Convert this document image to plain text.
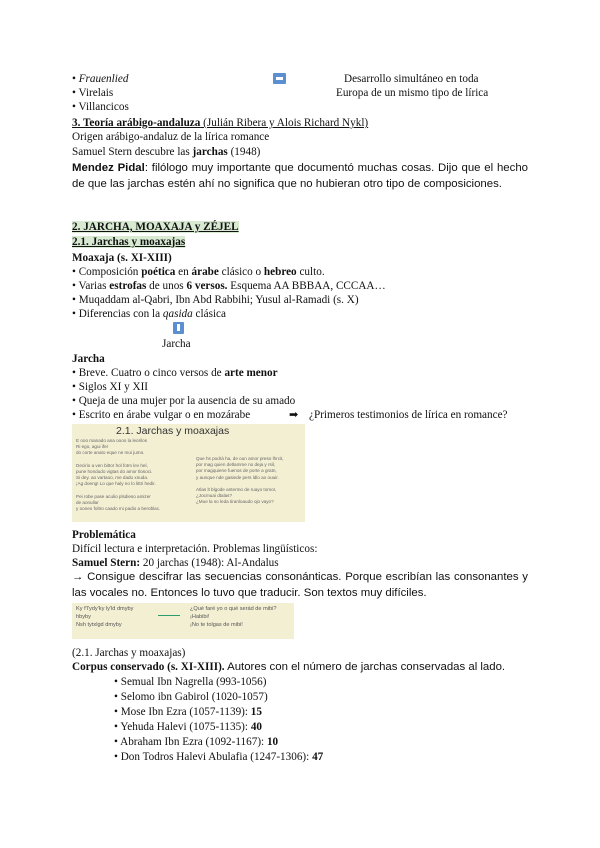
• Frauenlied
• Virelais
• Villancicos
Desarrollo simultáneo en toda
Europa de un mismo tipo de lírica
3. Teoría arábigo-andaluza (Julián Ribera y Alois Richard Nykl)
Origen arábigo-andaluz de la lírica romance
Samuel Stern descubre las jarchas (1948)
Mendez Pidal: filólogo muy importante que documentó muchas cosas. Dijo que el hecho de que las jarchas estén ahí no significa que no hubieran otro tipo de composiciones.
2. JARCHA, MOAXAJA y ZÉJEL
2.1. Jarchas y moaxajas
Moaxaja (s. XI-XIII)
• Composición poética en árabe clásico o hebreo culto.
• Varias estrofas de unos 6 versos. Esquema AA BBBAA, CCCAA…
• Muqaddam al-Qabri, Ibn Abd Rabbihi; Yusul al-Ramadi (s. X)
• Diferencias con la qasida clásica
Jarcha
Jarcha
• Breve. Cuatro o cinco versos de arte menor
• Siglos XI y XII
• Queja de una mujer por la ausencia de su amado
• Escrito en árabe vulgar o en mozárabe	➡ ¿Primeros testimonios de lírica en romance?
2.1. Jarchas y moaxajas
E ooo manado ana oooo la leorilos
Ri ego, agui ifer
do corte anato eque ne mui jumo.

Decirio a ven bittor hol fotm lev hel,
pune hondudo vigtas do amor tlosoci.
Si dey. ao vartaoo, me dadu xnuda.
¡Ag doeng! Lo que haly no lo littri hedir.

Pei robe pase aculio plsdieso amizer
de aonullar
y ooneo foltro caado mi padio a beroblac.
Que hs podrá ha, de oun amor preso lhrcit,
por mag quien detlamme no deja y rsil,
por magquiene fuenos de porte a gratn,
y aunque nde gasiede pers ldlo ao ouuir.

Atlas lt blgode antermo de ruayo tomor,
¿Jocmuai dtalas?
¿Mue la so leda tiranloaudo ojo vayo?
Problemática
Difícil lectura e interpretación. Problemas lingüísticos:
Samuel Stern: 20 jarchas (1948): Al-Andalus
→ Consigue descifrar las secuencias consonánticas. Porque escribían las consonantes y las vocales no. Entonces lo tuvo que traducir. Son textos muy difíciles.
Ky f'l'ydy'ky ly'ld dmyby
hbyby
Nsh tytxlgd dmyby
¿Qué faré yo o qué serád de mibi?
¡Habibi!
¡No te tolgas de mibi!
(2.1. Jarchas y moaxajas)
Corpus conservado (s. XI-XIII). Autores con el número de jarchas conservadas al lado.
• Semual Ibn Nagrella (993-1056)
• Selomo ibn Gabirol (1020-1057)
• Mose Ibn Ezra (1057-1139): 15
• Yehuda Halevi (1075-1135): 40
• Abraham Ibn Ezra (1092-1167): 10
• Don Todros Halevi Abulafia (1247-1306): 47
